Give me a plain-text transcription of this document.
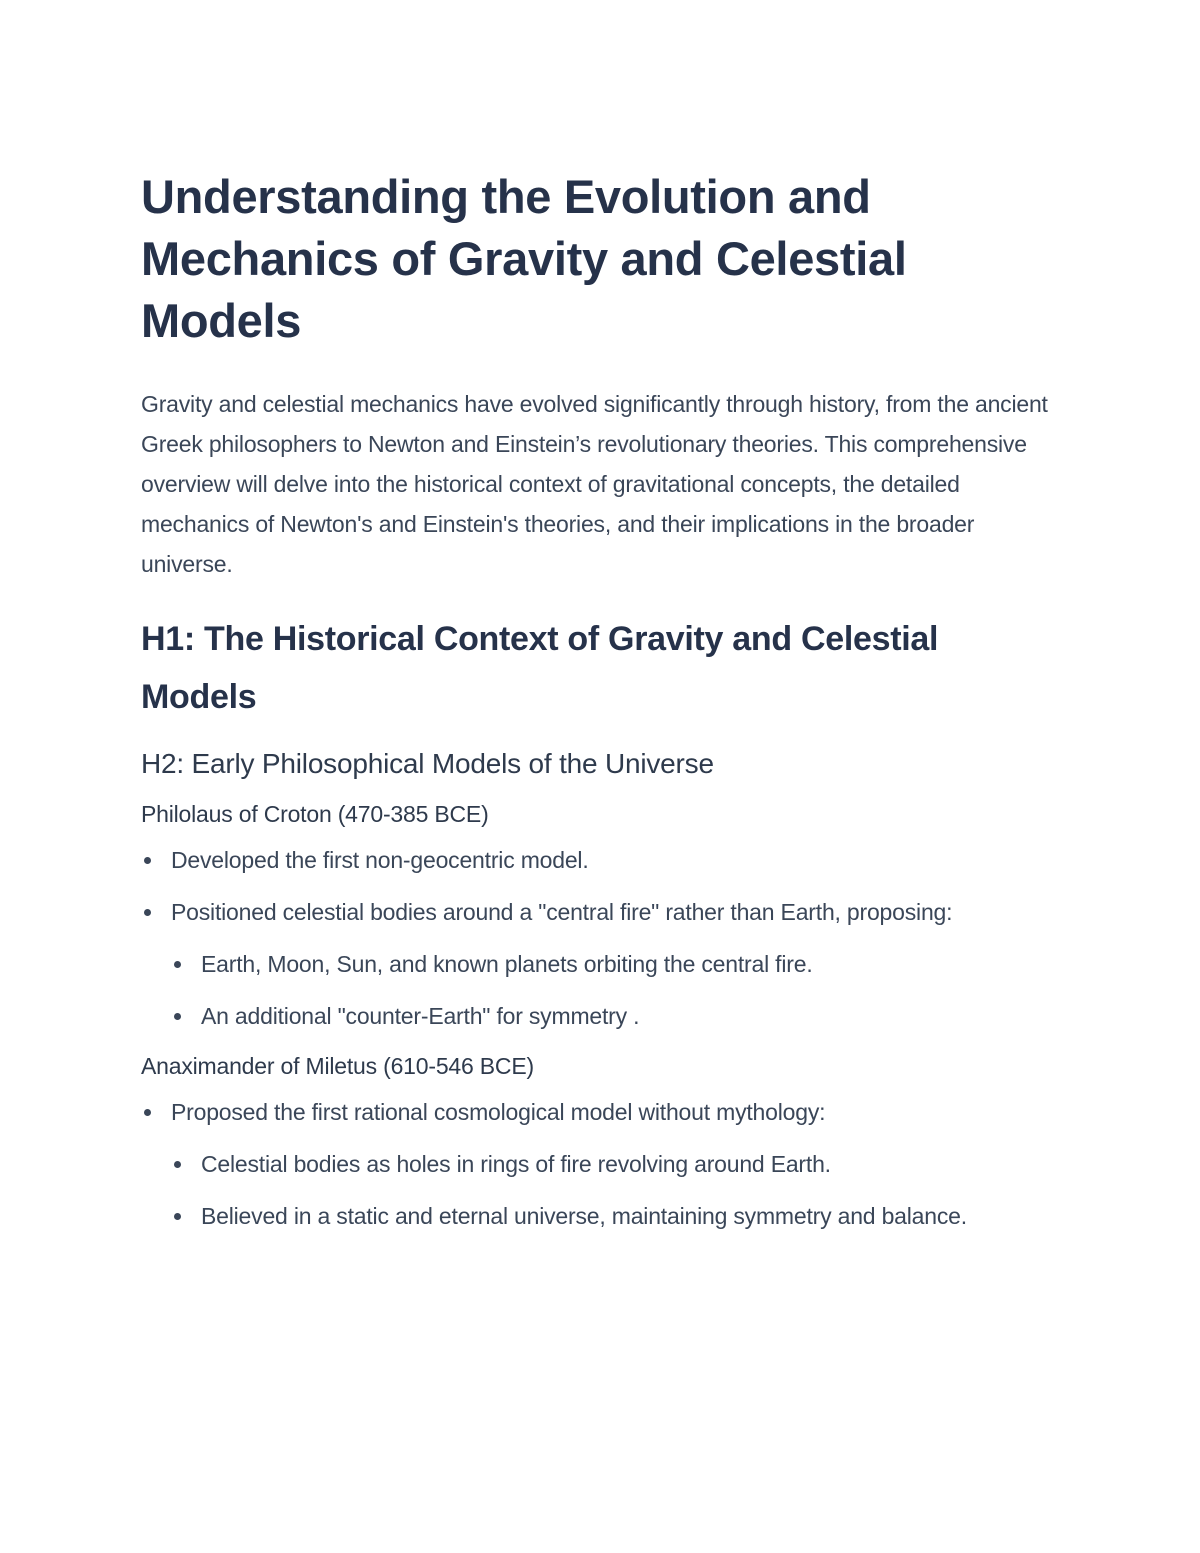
Understanding the Evolution and Mechanics of Gravity and Celestial Models

Gravity and celestial mechanics have evolved significantly through history, from the ancient Greek philosophers to Newton and Einstein’s revolutionary theories. This comprehensive overview will delve into the historical context of gravitational concepts, the detailed mechanics of Newton's and Einstein's theories, and their implications in the broader universe.

H1: The Historical Context of Gravity and Celestial Models
H2: Early Philosophical Models of the Universe
Philolaus of Croton (470-385 BCE)
Developed the first non-geocentric model.
Positioned celestial bodies around a "central fire" rather than Earth, proposing:
Earth, Moon, Sun, and known planets orbiting the central fire.
An additional "counter-Earth" for symmetry .
Anaximander of Miletus (610-546 BCE)
Proposed the first rational cosmological model without mythology:
Celestial bodies as holes in rings of fire revolving around Earth.
Believed in a static and eternal universe, maintaining symmetry and balance.
